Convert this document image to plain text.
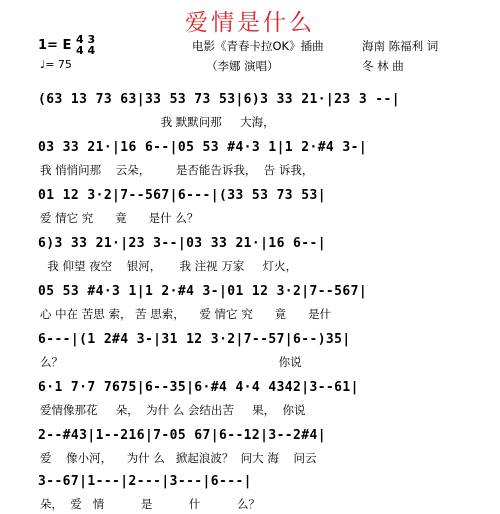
爱情是什么
1= E 4 3
4 4
♩= 75
电影《青春卡拉OK》插曲
（李娜 演唱）
海南 陈福利 词
冬 林 曲
(63 13 73 63|33 53 73 53|6)3 33 21·|23 3 --|
我 默默问那     大海，
03 33 21·|16 6--|05 53 #4·3 1|1 2·#4 3-|
我 悄悄问那    云朵，       是否能告诉我，  告 诉我，
01 12 3·2|7--567|6---|(33 53 73 53|
爱 情它 究      竟      是什 么？
6)3 33 21·|23 3--|03 33 21·|16 6--|
我 仰望 夜空    银河，     我 注视 万家     灯火，
05 53 #4·3 1|1 2·#4 3-|01 12 3·2|7--567|
心 中在 苦思 索， 苦 思索，    爱 情它 究      竟      是什
6---|(1 2#4 3-|31 12 3·2|7--57|6--)35|
么？                                                           你说
6·1 7·7 7675|6--35|6·#4 4·4 4342|3--61|
爱情像那花     朵，  为什 么 会结出苦     果，  你说
2--#43|1--216|7-05 67|6--12|3--2#4|
爱    像小河，    为什 么   掀起浪波？  问大 海    问云
3--67|1---|2---|3---|6---|
朵，  爱   情          是          什          么？
